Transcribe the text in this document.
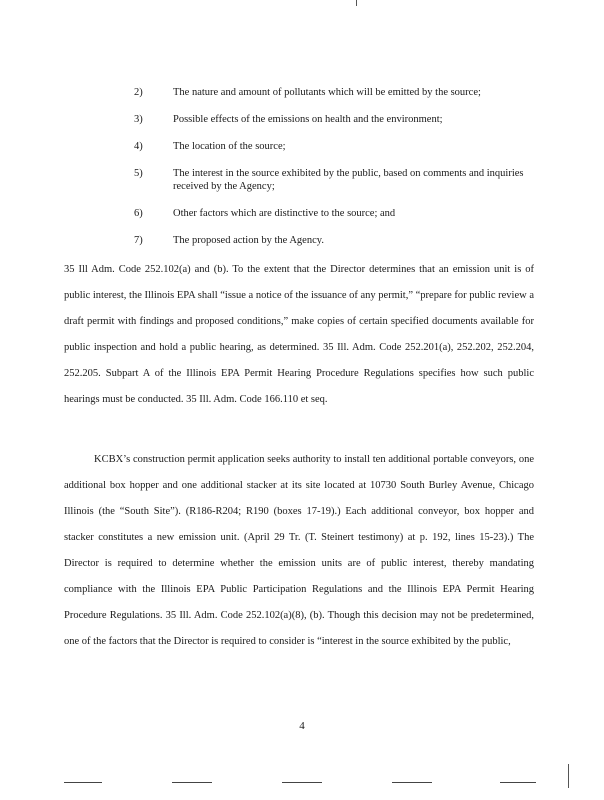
2)	The nature and amount of pollutants which will be emitted by the source;
3)	Possible effects of the emissions on health and the environment;
4)	The location of the source;
5)	The interest in the source exhibited by the public, based on comments and inquiries received by the Agency;
6)	Other factors which are distinctive to the source; and
7)	The proposed action by the Agency.

35 Ill Adm. Code 252.102(a) and (b). To the extent that the Director determines that an emission unit is of public interest, the Illinois EPA shall “issue a notice of the issuance of any permit,” “prepare for public review a draft permit with findings and proposed conditions,” make copies of certain specified documents available for public inspection and hold a public hearing, as determined. 35 Ill. Adm. Code 252.201(a), 252.202, 252.204, 252.205. Subpart A of the Illinois EPA Permit Hearing Procedure Regulations specifies how such public hearings must be conducted. 35 Ill. Adm. Code 166.110 et seq.

KCBX’s construction permit application seeks authority to install ten additional portable conveyors, one additional box hopper and one additional stacker at its site located at 10730 South Burley Avenue, Chicago Illinois (the “South Site”). (R186-R204; R190 (boxes 17-19).) Each additional conveyor, box hopper and stacker constitutes a new emission unit. (April 29 Tr. (T. Steinert testimony) at p. 192, lines 15-23).) The Director is required to determine whether the emission units are of public interest, thereby mandating compliance with the Illinois EPA Public Participation Regulations and the Illinois EPA Permit Hearing Procedure Regulations. 35 Ill. Adm. Code 252.102(a)(8), (b). Though this decision may not be predetermined, one of the factors that the Director is required to consider is “interest in the source exhibited by the public,

4
